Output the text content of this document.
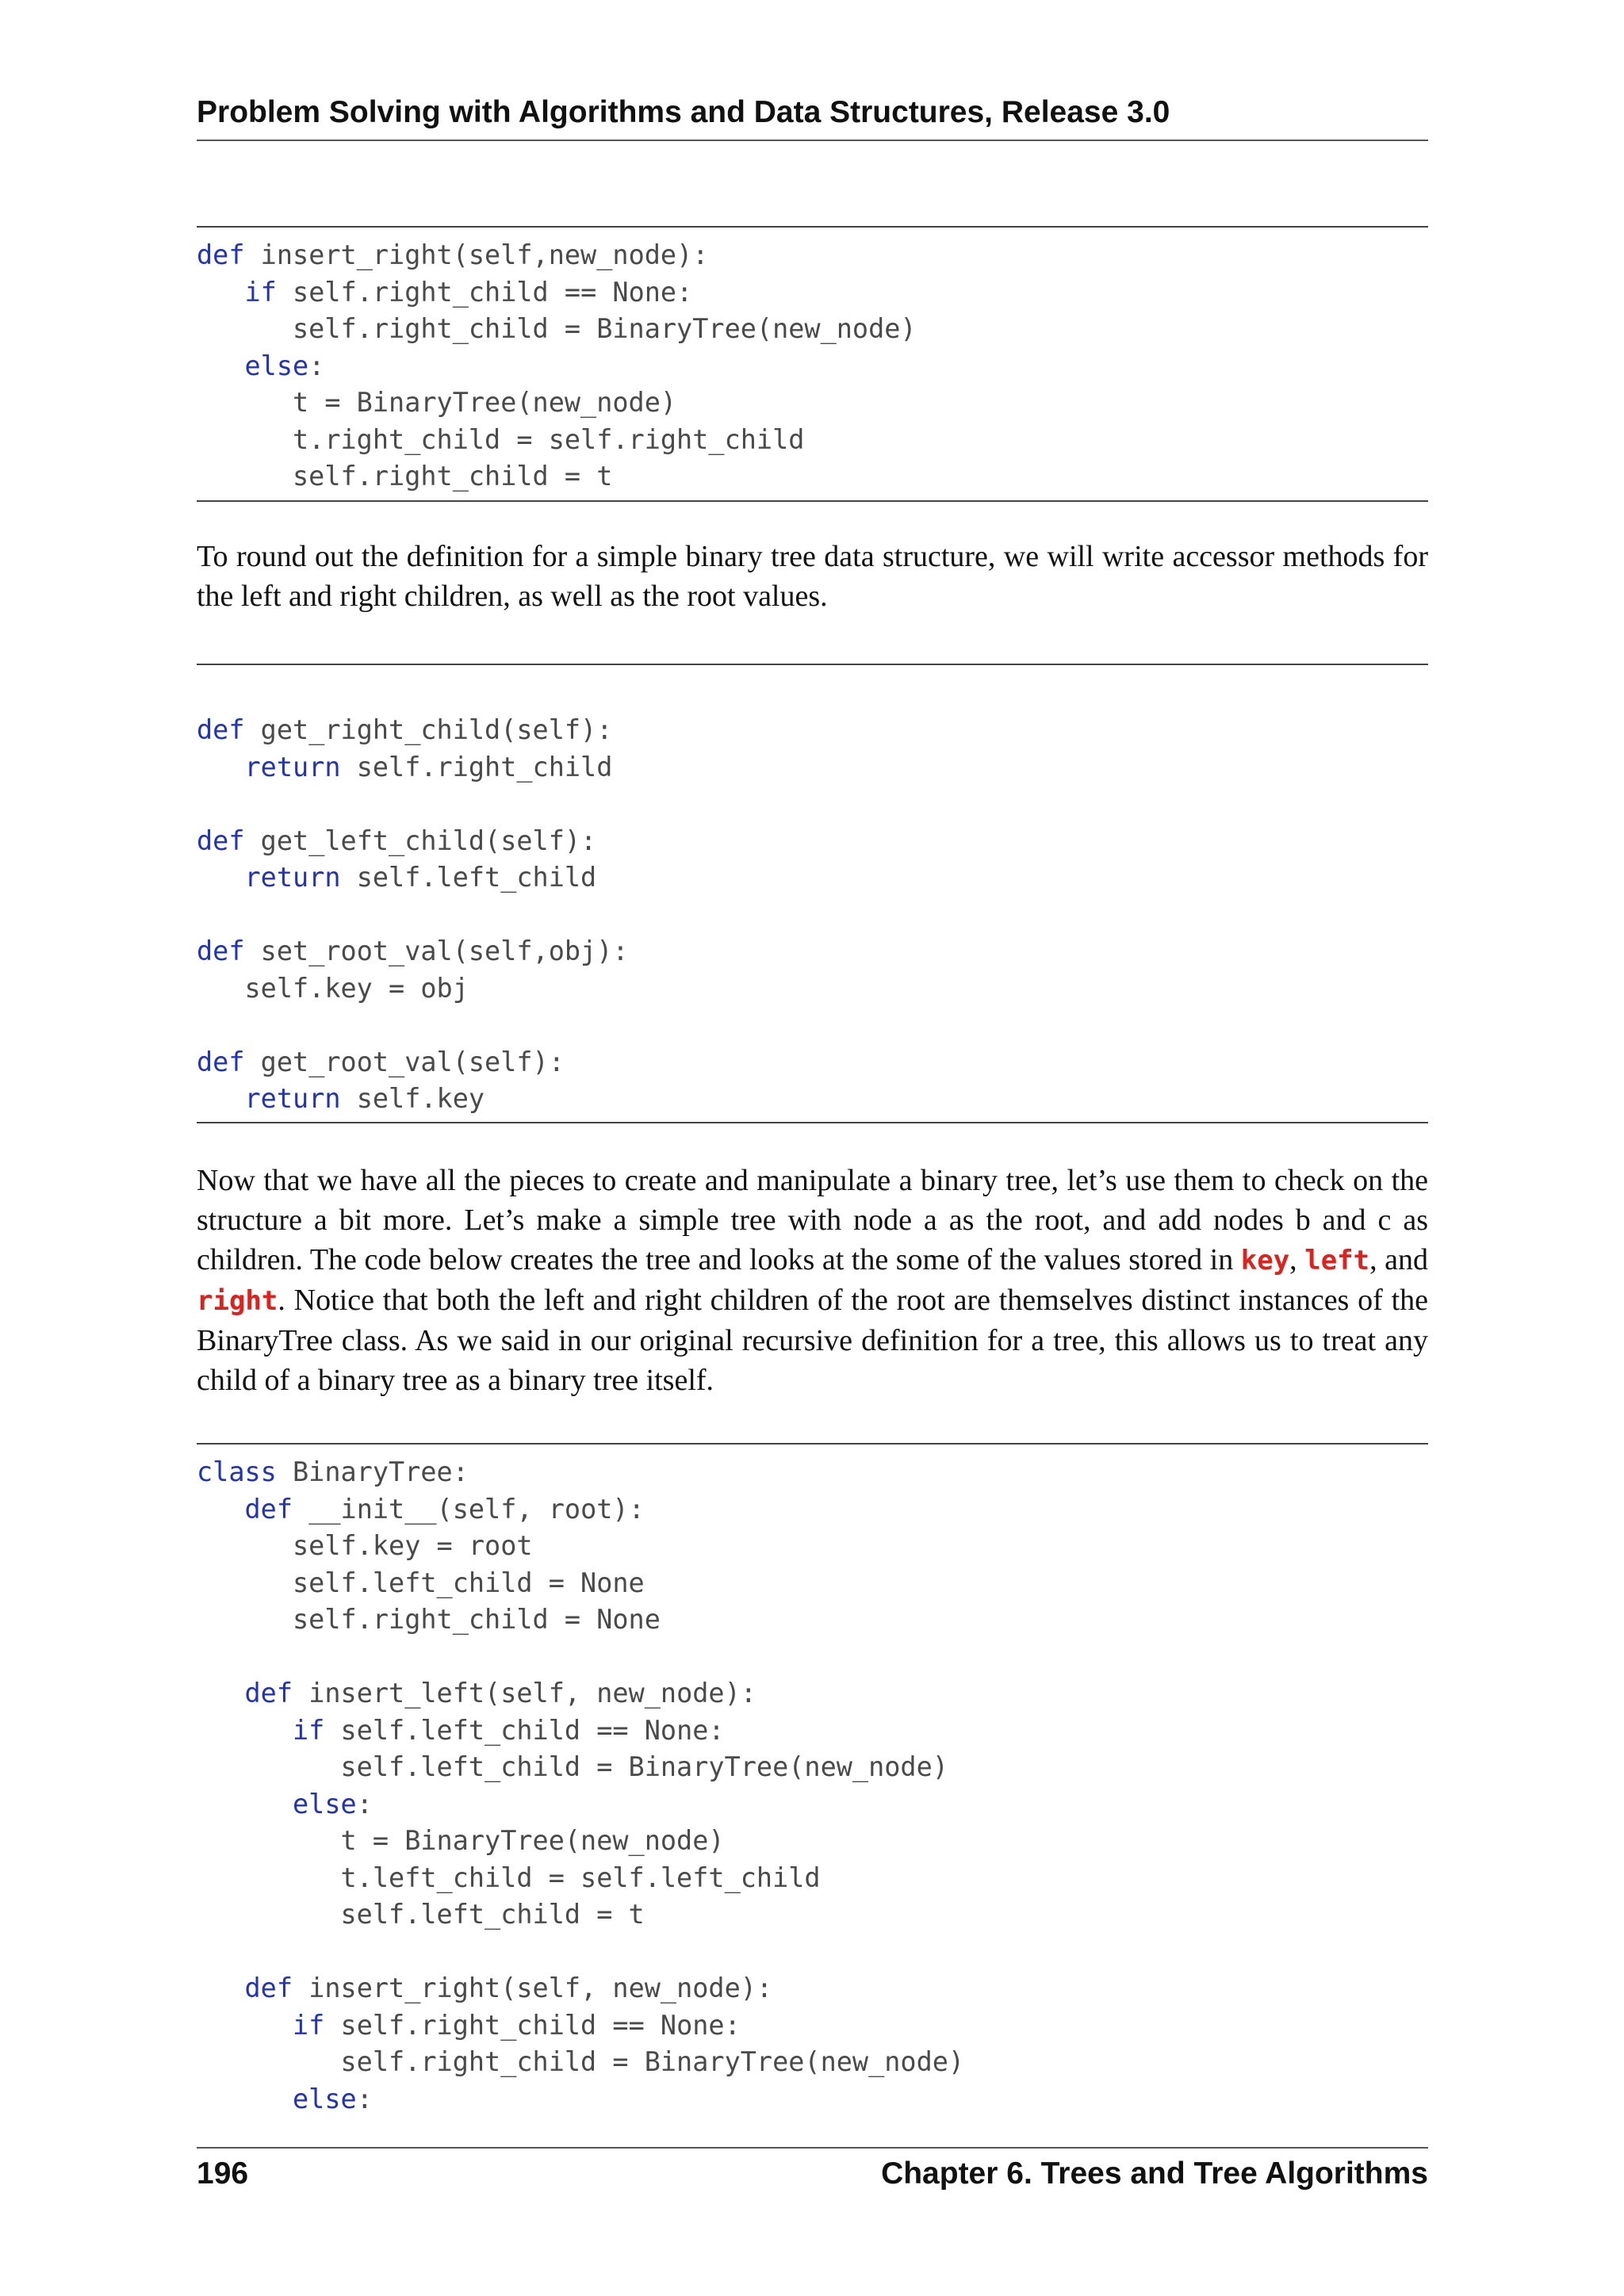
Problem Solving with Algorithms and Data Structures, Release 3.0

def insert_right(self,new_node):
if self.right_child == None:
self.right_child = BinaryTree(new_node)
else:
t = BinaryTree(new_node)
t.right_child = self.right_child
self.right_child = t

To round out the definition for a simple binary tree data structure, we will write accessor methods for the left and right children, as well as the root values.

def get_right_child(self):
return self.right_child

def get_left_child(self):
return self.left_child

def set_root_val(self,obj):
self.key = obj

def get_root_val(self):
return self.key

Now that we have all the pieces to create and manipulate a binary tree, let’s use them to check on the structure a bit more. Let’s make a simple tree with node a as the root, and add nodes b and c as children. The code below creates the tree and looks at the some of the values stored in key, left, and right. Notice that both the left and right children of the root are themselves distinct instances of the BinaryTree class. As we said in our original recursive definition for a tree, this allows us to treat any child of a binary tree as a binary tree itself.

class BinaryTree:
def __init__(self, root):
self.key = root
self.left_child = None
self.right_child = None

def insert_left(self, new_node):
if self.left_child == None:
self.left_child = BinaryTree(new_node)
else:
t = BinaryTree(new_node)
t.left_child = self.left_child
self.left_child = t

def insert_right(self, new_node):
if self.right_child == None:
self.right_child = BinaryTree(new_node)
else:
196	Chapter 6. Trees and Tree Algorithms
